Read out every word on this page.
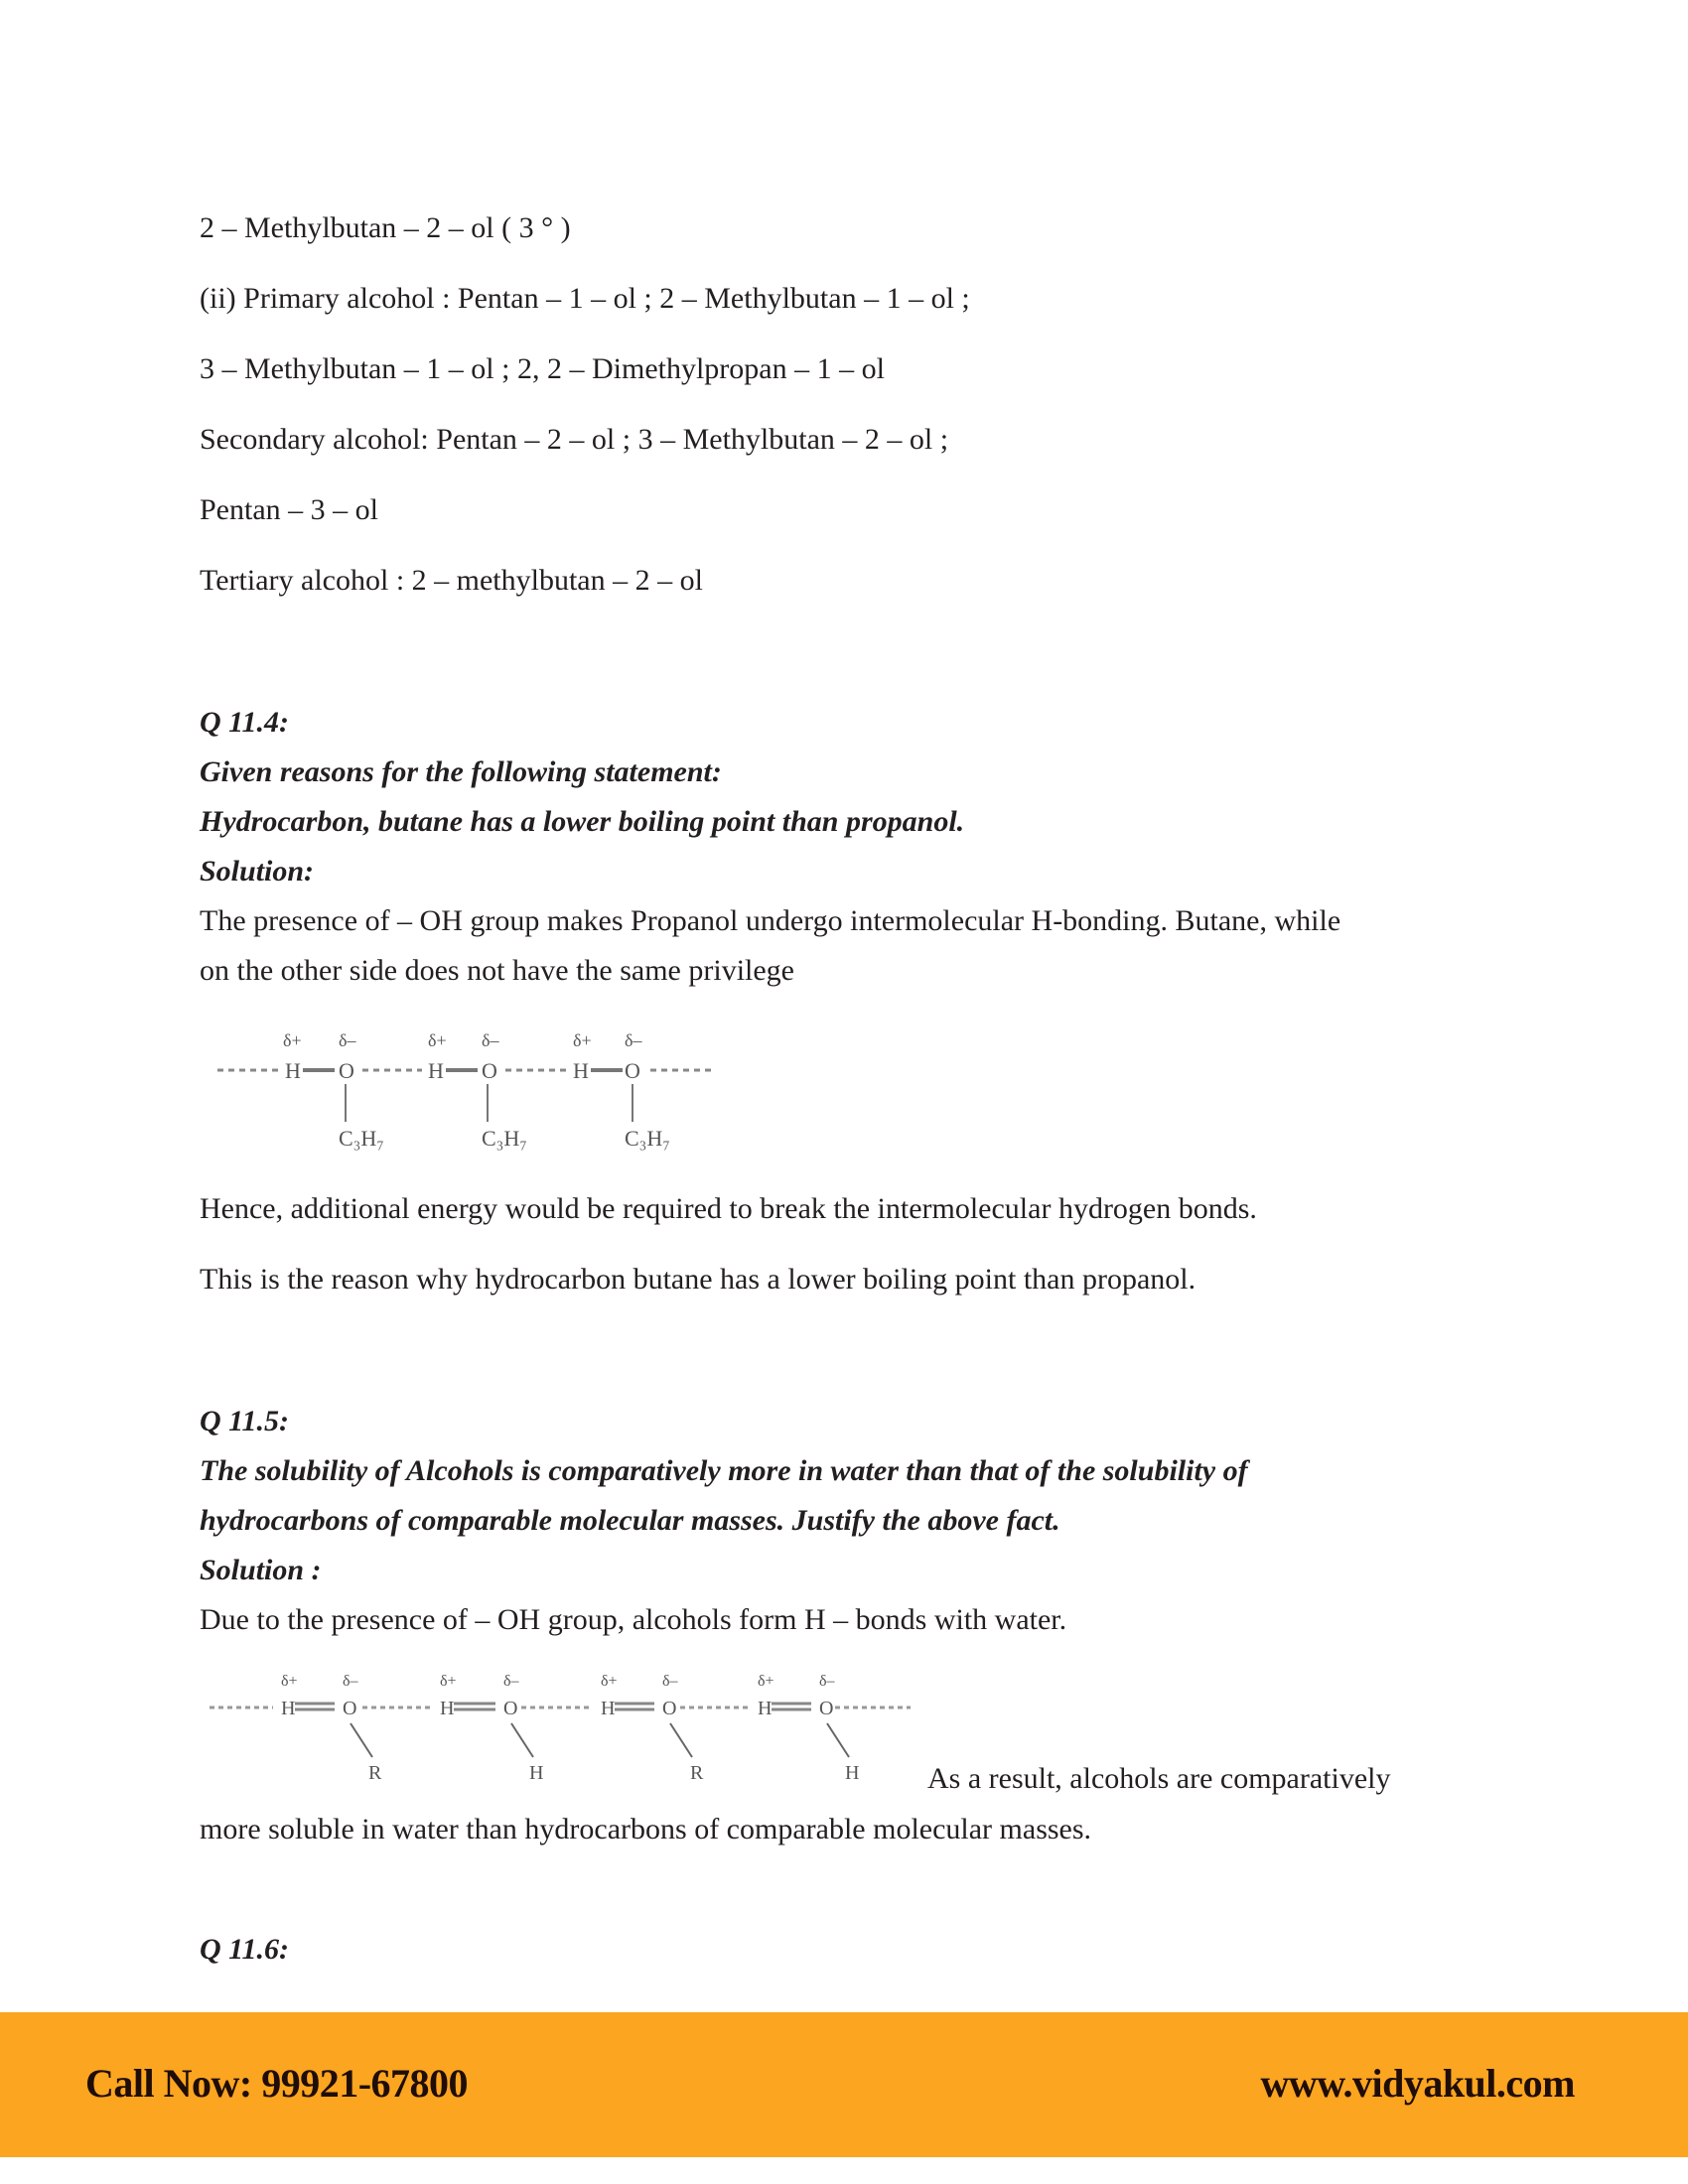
2 – Methylbutan – 2 – ol ( 3 ° )
(ii) Primary alcohol : Pentan – 1 – ol ; 2 – Methylbutan – 1 – ol ;
3 – Methylbutan – 1 – ol ; 2, 2 – Dimethylpropan – 1 – ol
Secondary alcohol: Pentan – 2 – ol ; 3 – Methylbutan – 2 – ol ;
Pentan – 3 – ol
Tertiary alcohol : 2 – methylbutan – 2 – ol
Q 11.4:
Given reasons for the following statement:
Hydrocarbon, butane has a lower boiling point than propanol.
Solution:
The presence of – OH group makes Propanol undergo intermolecular H-bonding. Butane, while
on the other side does not have the same privilege
δ+ δ–	δ+ δ–	δ+ δ–
H O	H O	H O
C₃H₇	C₃H₇	C₃H₇
Hence, additional energy would be required to break the intermolecular hydrogen bonds.
This is the reason why hydrocarbon butane has a lower boiling point than propanol.
Q 11.5:
The solubility of Alcohols is comparatively more in water than that of the solubility of
hydrocarbons of comparable molecular masses. Justify the above fact.
Solution :
Due to the presence of – OH group, alcohols form H – bonds with water.
δ+	δ–	δ+	δ–	δ+	δ–	δ+	δ–
H O	H O	H O	H O
R	H	R	H As a result, alcohols are comparatively
more soluble in water than hydrocarbons of comparable molecular masses.
Q 11.6:
Call Now: 99921-67800	www.vidyakul.com
